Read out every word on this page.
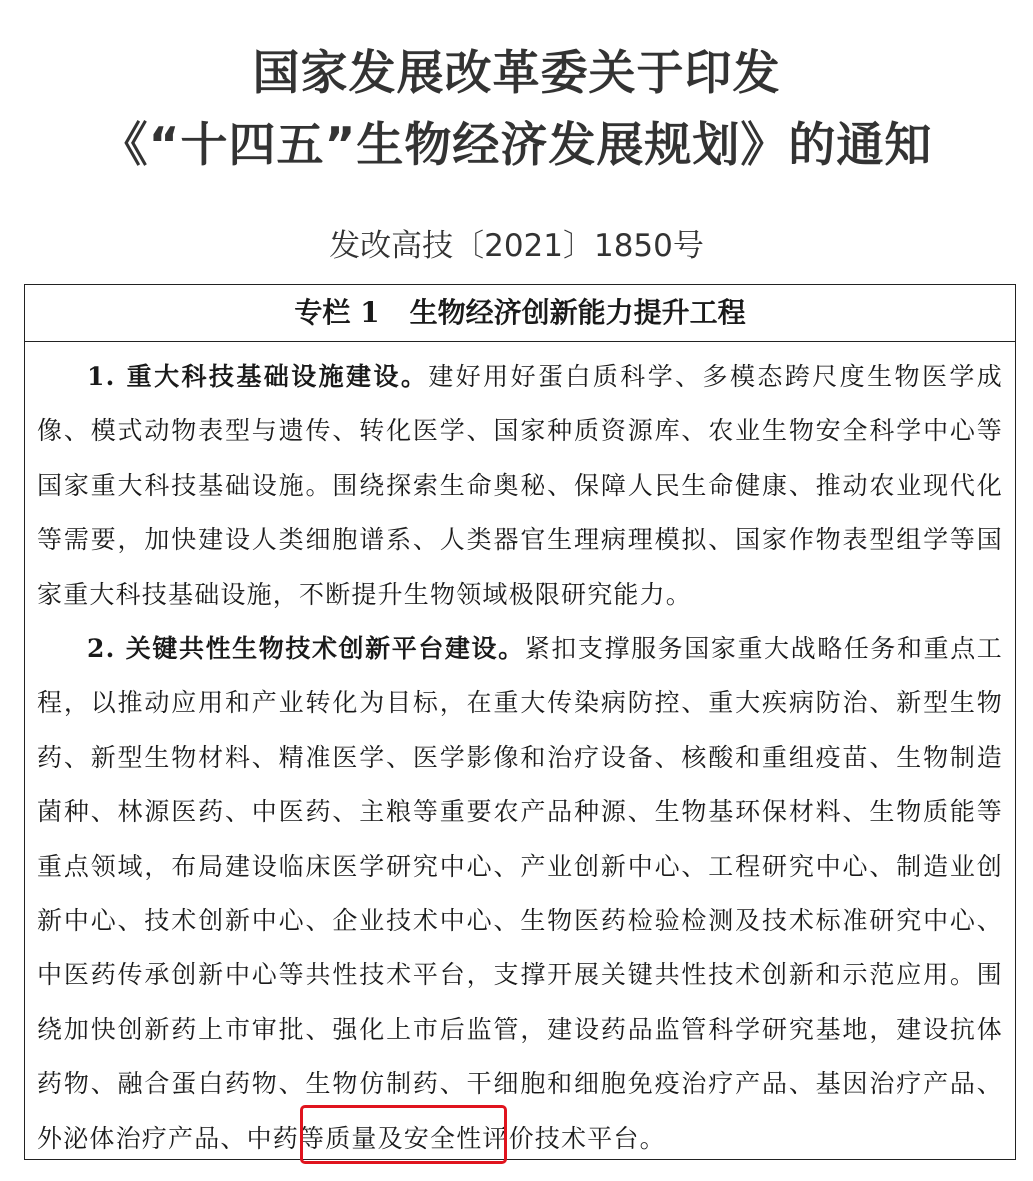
国家发展改革委关于印发
《“十四五”生物经济发展规划》的通知
发改高技〔2021〕1850号
专栏 1 生物经济创新能力提升工程

1. 重大科技基础设施建设。建好用好蛋白质科学、多模态跨尺度生物医学成像、模式动物表型与遗传、转化医学、国家种质资源库、农业生物安全科学中心等国家重大科技基础设施。围绕探索生命奥秘、保障人民生命健康、推动农业现代化等需要，加快建设人类细胞谱系、人类器官生理病理模拟、国家作物表型组学等国家重大科技基础设施，不断提升生物领域极限研究能力。

2. 关键共性生物技术创新平台建设。紧扣支撑服务国家重大战略任务和重点工程，以推动应用和产业转化为目标，在重大传染病防控、重大疾病防治、新型生物药、新型生物材料、精准医学、医学影像和治疗设备、核酸和重组疫苗、生物制造菌种、林源医药、中医药、主粮等重要农产品种源、生物基环保材料、生物质能等重点领域，布局建设临床医学研究中心、产业创新中心、工程研究中心、制造业创新中心、技术创新中心、企业技术中心、生物医药检验检测及技术标准研究中心、中医药传承创新中心等共性技术平台，支撑开展关键共性技术创新和示范应用。围绕加快创新药上市审批、强化上市后监管，建设药品监管科学研究基地，建设抗体药物、融合蛋白药物、生物仿制药、干细胞和细胞免疫治疗产品、基因治疗产品、外泌体治疗产品、中药等质量及安全性评价技术平台。
